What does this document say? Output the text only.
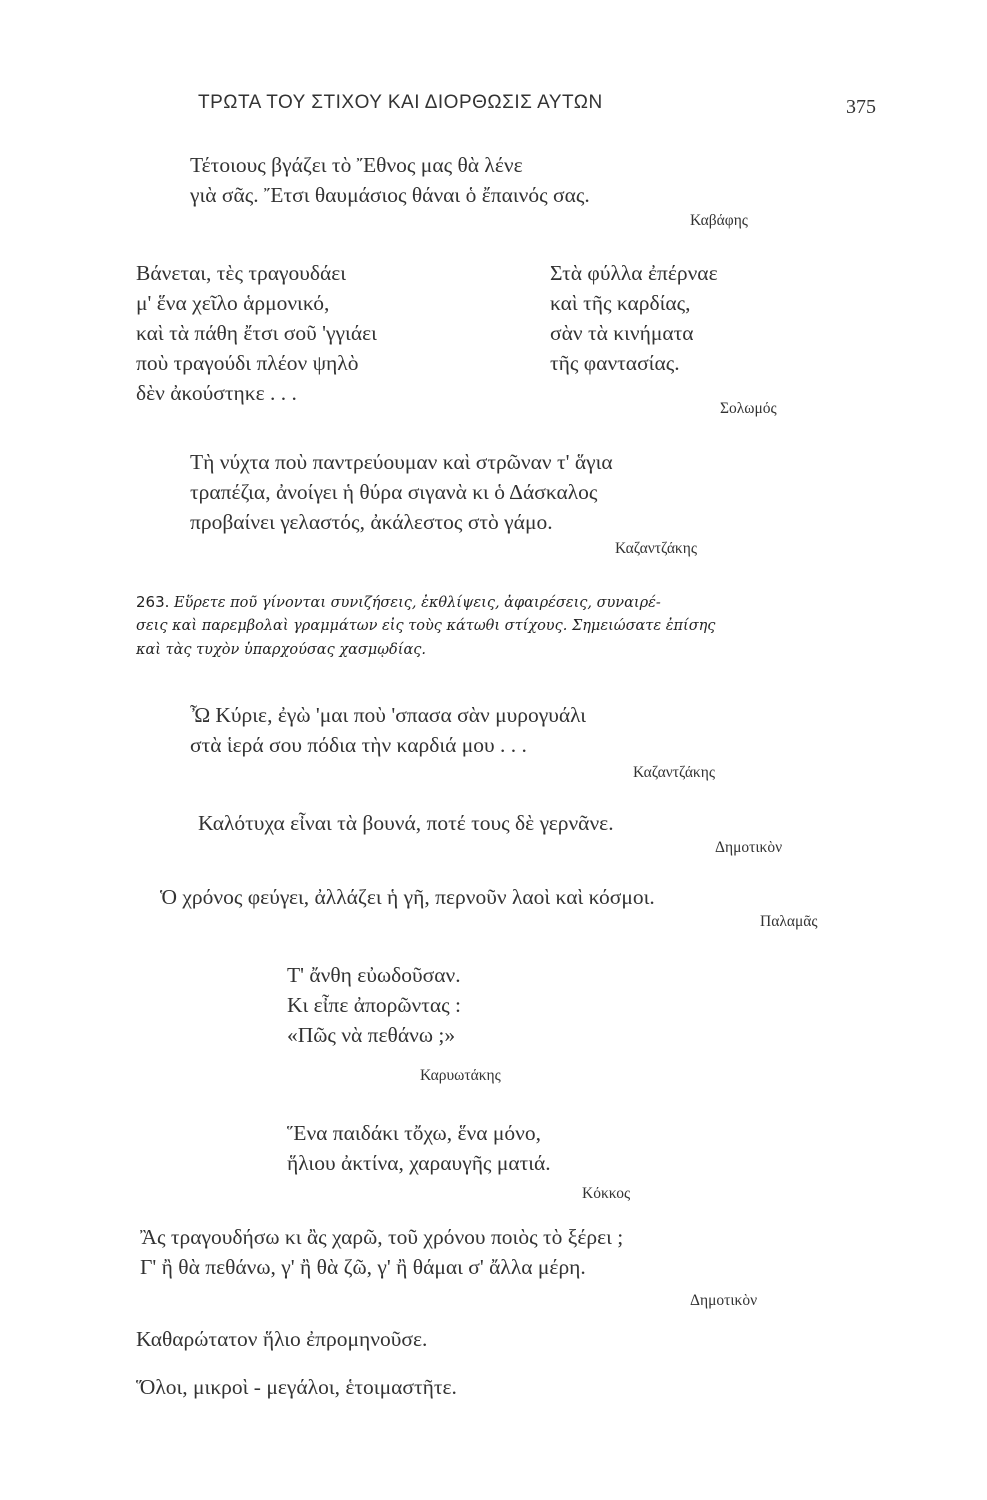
ΤΡΩΤΑ ΤΟΥ ΣΤΙΧΟΥ ΚΑΙ ΔΙΟΡΘΩΣΙΣ ΑΥΤΩΝ	375
Τέτοιους βγάζει τὸ Ἔθνος μας θὰ λένε
γιὰ σᾶς. Ἔτσι θαυμάσιος θάναι ὁ ἔπαινός σας.
Καβάφης
Βάνεται, τὲς τραγουδάει
μ' ἕνα χεῖλο ἁρμονικό,
καὶ τὰ πάθη ἔτσι σοῦ 'γγιάει
ποὺ τραγούδι πλέον ψηλὸ
δὲν ἀκούστηκε . . .
Στὰ φύλλα ἐπέρναε
καὶ τῆς καρδίας,
σὰν τὰ κινήματα
τῆς φαντασίας.
Σολωμός
Τὴ νύχτα ποὺ παντρεύουμαν καὶ στρῶναν τ' ἅγια
τραπέζια, ἀνοίγει ἡ θύρα σιγανὰ κι ὁ Δάσκαλος
προβαίνει γελαστός, ἀκάλεστος στὸ γάμο.
Καζαντζάκης
263. Εὕρετε ποῦ γίνονται συνιζήσεις, ἐκθλίψεις, ἀφαιρέσεις, συναιρέ-
σεις καὶ παρεμβολαὶ γραμμάτων εἰς τοὺς κάτωθι στίχους. Σημειώσατε ἐπίσης
καὶ τὰς τυχὸν ὑπαρχούσας χασμῳδίας.
Ὦ Κύριε, ἐγὼ 'μαι ποὺ 'σπασα σὰν μυρογυάλι
στὰ ἱερά σου πόδια τὴν καρδιά μου . . .
Καζαντζάκης
Καλότυχα εἶναι τὰ βουνά, ποτέ τους δὲ γερνᾶνε.
Δημοτικὸν
Ὁ χρόνος φεύγει, ἀλλάζει ἡ γῆ, περνοῦν λαοὶ καὶ κόσμοι.
Παλαμᾶς
Τ' ἄνθη εὐωδοῦσαν.
Κι εἶπε ἀπορῶντας :
«Πῶς νὰ πεθάνω ;»
Καρυωτάκης
Ἕνα παιδάκι τὄχω, ἕνα μόνο,
ἥλιου ἀκτίνα, χαραυγῆς ματιά.
Κόκκος
Ἂς τραγουδήσω κι ἂς χαρῶ, τοῦ χρόνου ποιὸς τὸ ξέρει ;
Γ' ἢ θὰ πεθάνω, γ' ἢ θὰ ζῶ, γ' ἢ θάμαι σ' ἄλλα μέρη.
Δημοτικὸν
Καθαρώτατον ἥλιο ἐπρομηνοῦσε.
Ὅλοι, μικροὶ - μεγάλοι, ἑτοιμαστῆτε.
